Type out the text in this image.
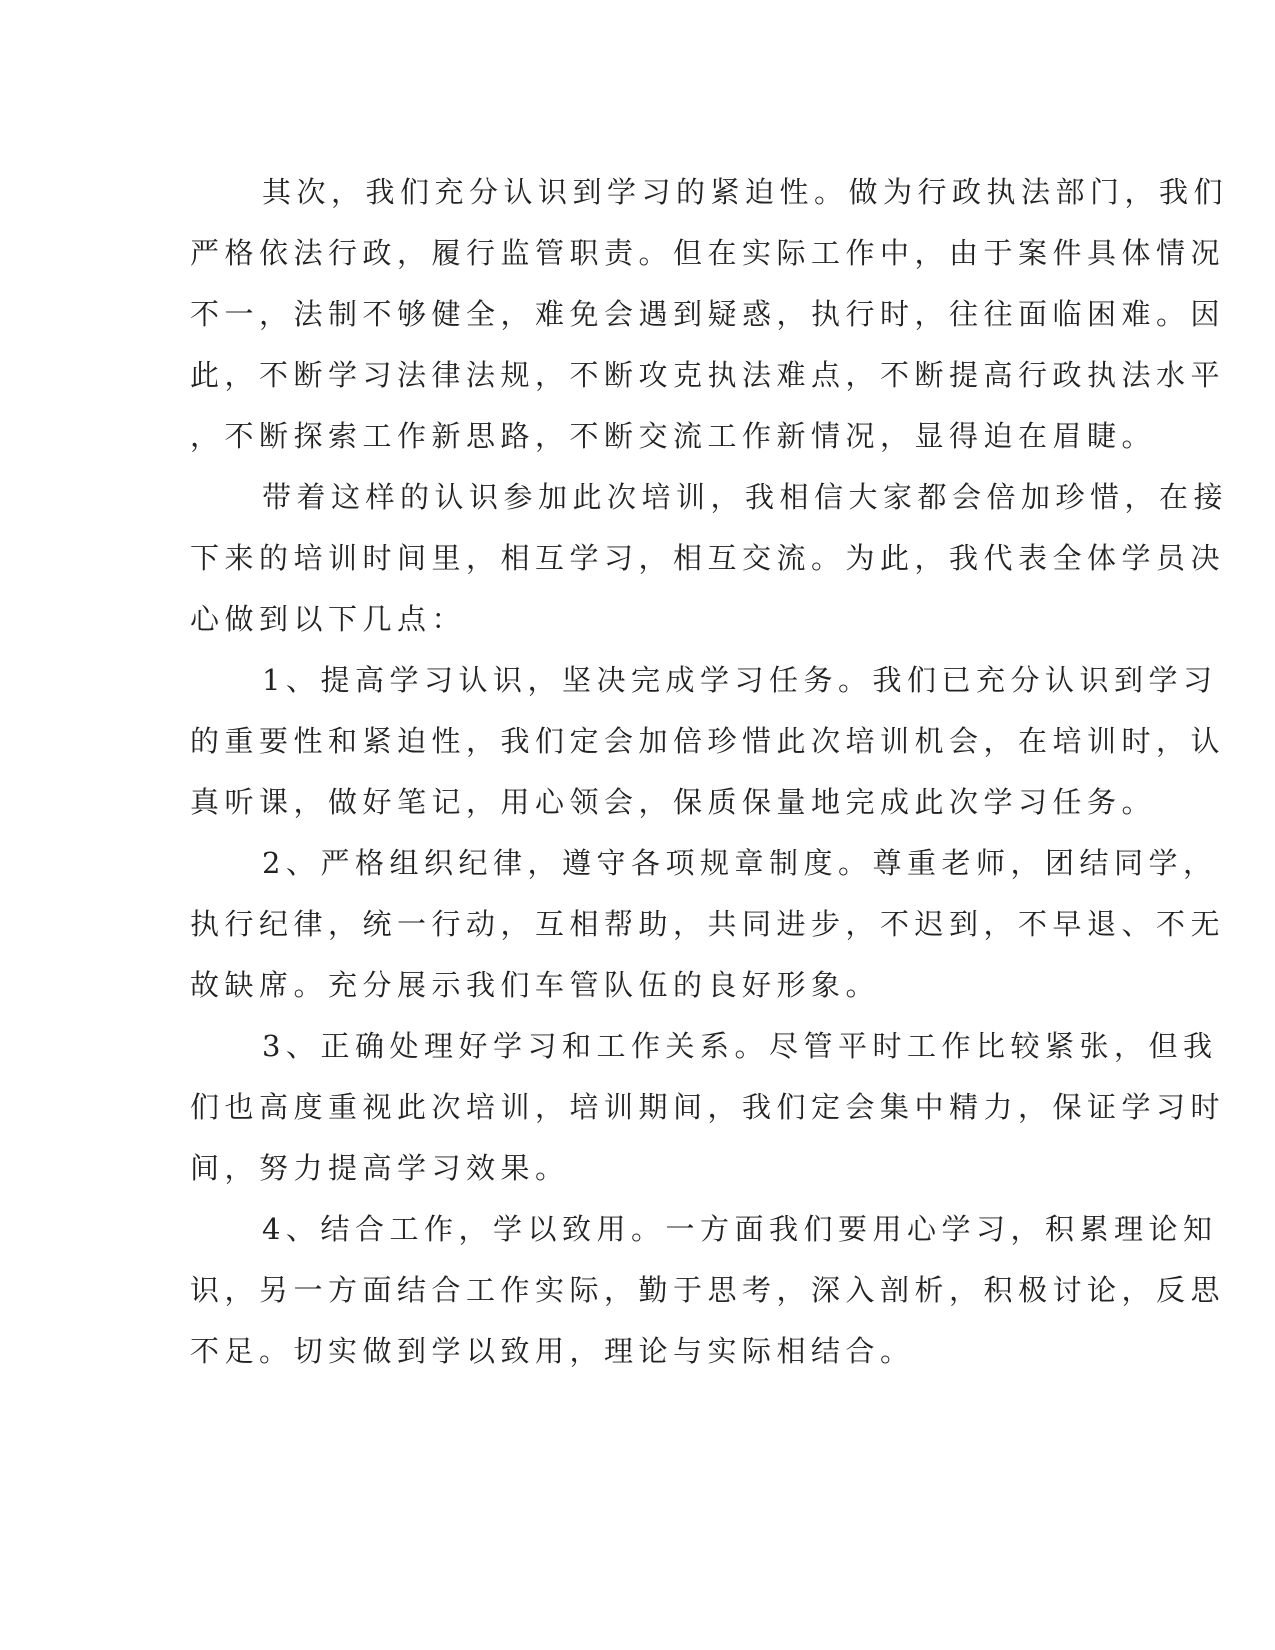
其次，我们充分认识到学习的紧迫性。做为行政执法部门，我们
严格依法行政，履行监管职责。但在实际工作中，由于案件具体情况
不一，法制不够健全，难免会遇到疑惑，执行时，往往面临困难。因
此，不断学习法律法规，不断攻克执法难点，不断提高行政执法水平
，不断探索工作新思路，不断交流工作新情况，显得迫在眉睫。
带着这样的认识参加此次培训，我相信大家都会倍加珍惜，在接
下来的培训时间里，相互学习，相互交流。为此，我代表全体学员决
心做到以下几点：
1、提高学习认识，坚决完成学习任务。我们已充分认识到学习
的重要性和紧迫性，我们定会加倍珍惜此次培训机会，在培训时，认
真听课，做好笔记，用心领会，保质保量地完成此次学习任务。
2、严格组织纪律，遵守各项规章制度。尊重老师，团结同学，
执行纪律，统一行动，互相帮助，共同进步，不迟到，不早退、不无
故缺席。充分展示我们车管队伍的良好形象。
3、正确处理好学习和工作关系。尽管平时工作比较紧张，但我
们也高度重视此次培训，培训期间，我们定会集中精力，保证学习时
间，努力提高学习效果。
4、结合工作，学以致用。一方面我们要用心学习，积累理论知
识，另一方面结合工作实际，勤于思考，深入剖析，积极讨论，反思
不足。切实做到学以致用，理论与实际相结合。
